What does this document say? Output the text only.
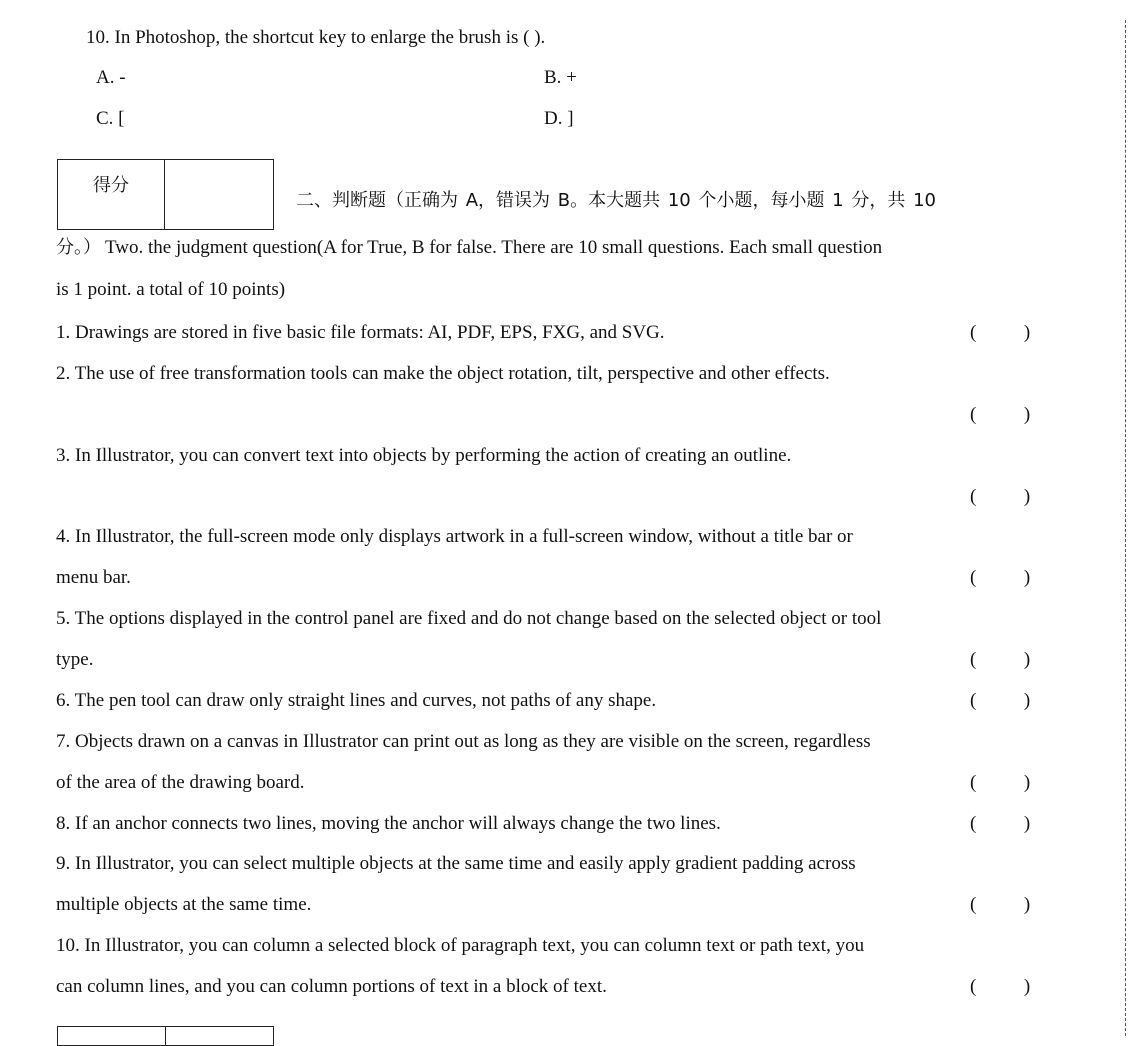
10. In Photoshop, the shortcut key to enlarge the brush is ( ).
A. -	B. +
C. [	D. ]
得分
二、判断题（正确为 A，错误为 B。本大题共 10 个小题，每小题 1 分，共 10
分。） Two. the judgment question(A for True, B for false. There are 10 small questions. Each small question
is 1 point. a total of 10 points)
1. Drawings are stored in five basic file formats: AI, PDF, EPS, FXG, and SVG.	(          )
2. The use of free transformation tools can make the object rotation, tilt, perspective and other effects.
(          )
3. In Illustrator, you can convert text into objects by performing the action of creating an outline.
(          )
4. In Illustrator, the full-screen mode only displays artwork in a full-screen window, without a title bar or
menu bar.	(          )
5. The options displayed in the control panel are fixed and do not change based on the selected object or tool
type.	(          )
6. The pen tool can draw only straight lines and curves, not paths of any shape.	(          )
7. Objects drawn on a canvas in Illustrator can print out as long as they are visible on the screen, regardless
of the area of the drawing board.	(          )
8. If an anchor connects two lines, moving the anchor will always change the two lines.	(          )
9. In Illustrator, you can select multiple objects at the same time and easily apply gradient padding across
multiple objects at the same time.	(          )
10. In Illustrator, you can column a selected block of paragraph text, you can column text or path text, you
can column lines, and you can column portions of text in a block of text.	(          )
